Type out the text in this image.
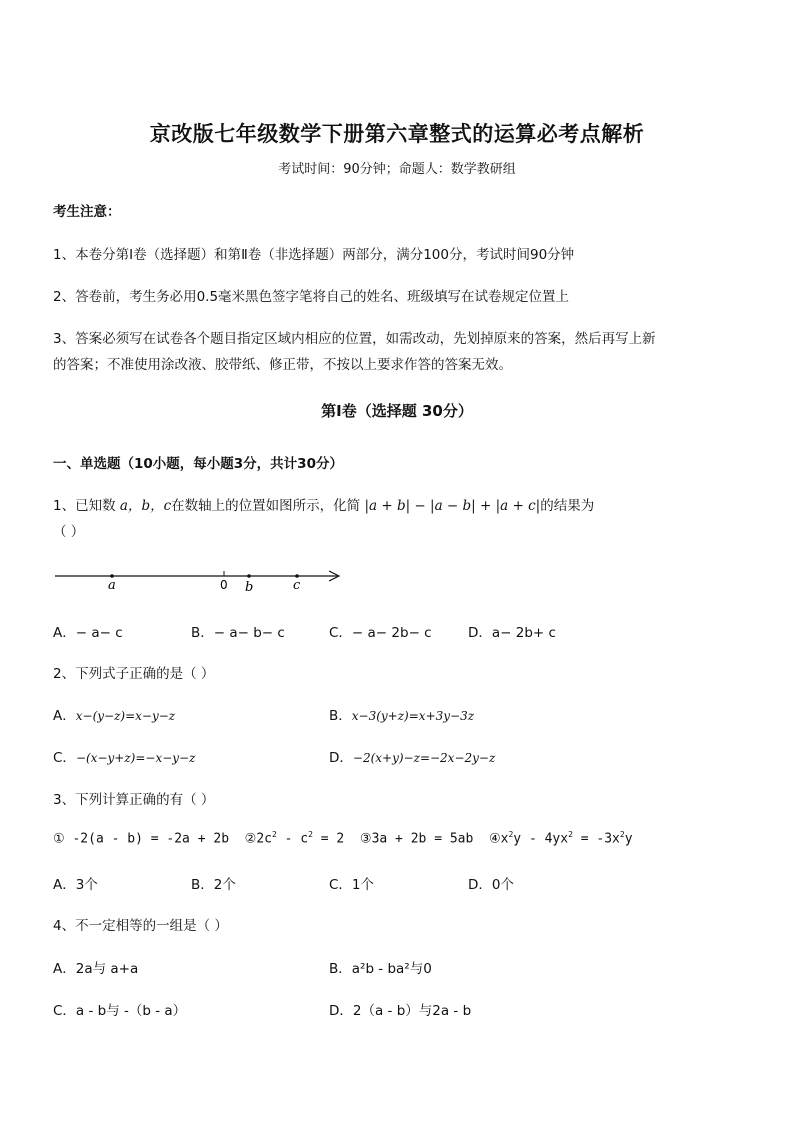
京改版七年级数学下册第六章整式的运算必考点解析
考试时间：90分钟；命题人：数学教研组
考生注意：
1、本卷分第Ⅰ卷（选择题）和第Ⅱ卷（非选择题）两部分，满分100分，考试时间90分钟
2、答卷前，考生务必用0.5毫米黑色签字笔将自己的姓名、班级填写在试卷规定位置上
3、答案必须写在试卷各个题目指定区域内相应的位置，如需改动，先划掉原来的答案，然后再写上新
的答案；不准使用涂改液、胶带纸、修正带，不按以上要求作答的答案无效。
第Ⅰ卷（选择题 30分）
一、单选题（10小题，每小题3分，共计30分）
1、已知数 a，b，c在数轴上的位置如图所示，化简 |a + b| − |a − b| + |a + c|的结果为
（ ）
a	0 b	c
A．− a− c	B．− a− b− c	C．− a− 2b− c	D．a− 2b+ c
2、下列式子正确的是（ ）
A．x−(y−z)=x−y−z	B．x−3(y+z)=x+3y−3z
C．−(x−y+z)=−x−y−z	D．−2(x+y)−z=−2x−2y−z
3、下列计算正确的有（ ）
① -2(a - b) = -2a + 2b $②2c^2 - c^2 = 2$ ③3a + 2b = 5ab $④x^2y - 4yx^2 = -3x^2y$
A．3个	B．2个	C．1个	D．0个
4、不一定相等的一组是（ ）
A．2a与 a+a	B．a²b - ba²与0
C．a - b与 -（b - a）	D．2（a - b）与2a - b
